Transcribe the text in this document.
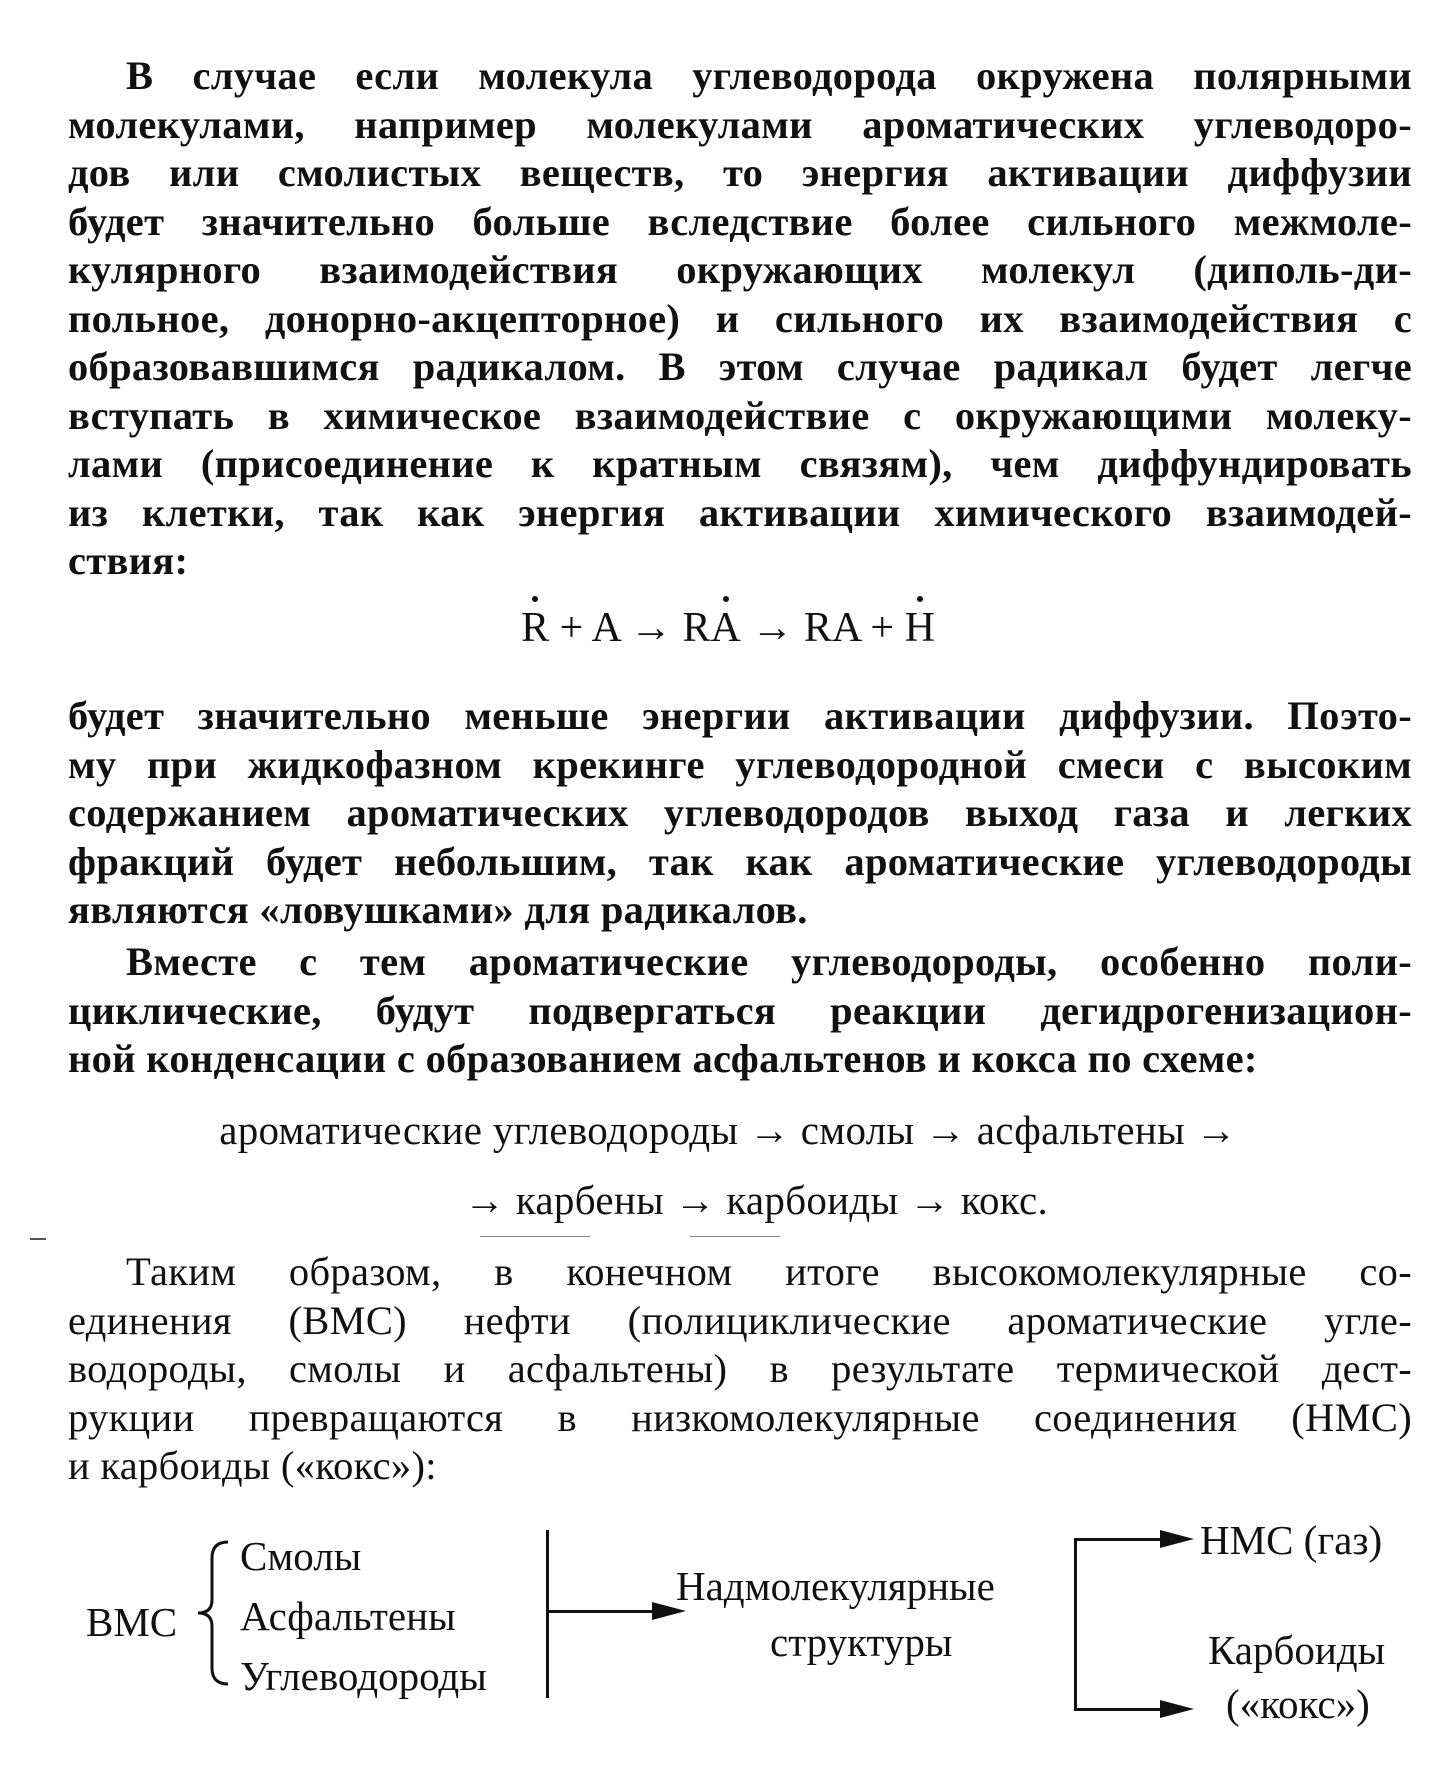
В случае если молекула углеводорода окружена полярными
молекулами, например молекулами ароматических углеводоро-
дов или смолистых веществ, то энергия активации диффузии
будет значительно больше вследствие более сильного межмоле-
кулярного взаимодействия окружающих молекул (диполь-ди-
польное, донорно-акцепторное) и сильного их взаимодействия с
образовавшимся радикалом. В этом случае радикал будет легче
вступать в химическое взаимодействие с окружающими молеку-
лами (присоединение к кратным связям), чем диффундировать
из клетки, так как энергия активации химического взаимодей-
ствия:
R + A → RA → RA + H
будет значительно меньше энергии активации диффузии. Поэто-
му при жидкофазном крекинге углеводородной смеси с высоким
содержанием ароматических углеводородов выход газа и легких
фракций будет небольшим, так как ароматические углеводороды
являются «ловушками» для радикалов.
Вместе с тем ароматические углеводороды, особенно поли-
циклические, будут подвергаться реакции дегидрогенизацион-
ной конденсации с образованием асфальтенов и кокса по схеме:
ароматические углеводороды → смолы → асфальтены →
→ карбены → карбоиды → кокс.
Таким образом, в конечном итоге высокомолекулярные со-
единения (ВМС) нефти (полициклические ароматические угле-
водороды, смолы и асфальтены) в результате термической дест-
рукции превращаются в низкомолекулярные соединения (НМС)
и карбоиды («кокс»):
ВМС
Смолы
Асфальтены
Углеводороды
Надмолекулярные
структуры
НМС (газ)
Карбоиды
(«кокс»)
